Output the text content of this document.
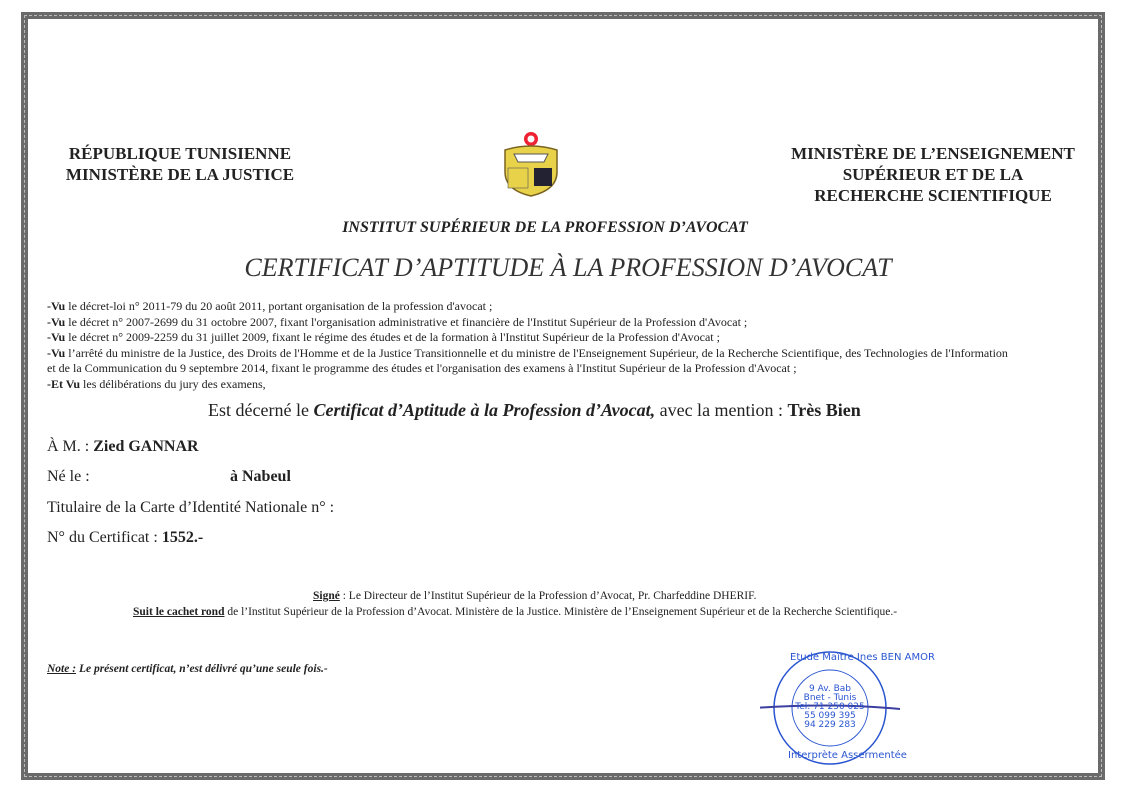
RÉPUBLIQUE TUNISIENNE
MINISTÈRE DE LA JUSTICE
MINISTÈRE DE L’ENSEIGNEMENT
SUPÉRIEUR ET DE LA
RECHERCHE SCIENTIFIQUE
INSTITUT SUPÉRIEUR DE LA PROFESSION D’AVOCAT
CERTIFICAT D’APTITUDE À LA PROFESSION D’AVOCAT
-Vu le décret-loi n° 2011-79 du 20 août 2011, portant organisation de la profession d'avocat ;
-Vu le décret n° 2007-2699 du 31 octobre 2007, fixant l'organisation administrative et financière de l'Institut Supérieur de la Profession d'Avocat ;
-Vu le décret n° 2009-2259 du 31 juillet 2009, fixant le régime des études et de la formation à l'Institut Supérieur de la Profession d'Avocat ;
-Vu l’arrêté du ministre de la Justice, des Droits de l'Homme et de la Justice Transitionnelle et du ministre de l'Enseignement Supérieur, de la Recherche Scientifique, des Technologies de l'Information
et de la Communication du 9 septembre 2014, fixant le programme des études et l'organisation des examens à l'Institut Supérieur de la Profession d'Avocat ;
-Et Vu les délibérations du jury des examens,
Est décerné le Certificat d’Aptitude à la Profession d’Avocat, avec la mention : Très Bien
À M. : Zied GANNAR
Né le :	à Nabeul
Titulaire de la Carte d’Identité Nationale n° :
N° du Certificat : 1552.-
Signé : Le Directeur de l’Institut Supérieur de la Profession d’Avocat, Pr. Charfeddine DHERIF.
Suit le cachet rond de l’Institut Supérieur de la Profession d’Avocat. Ministère de la Justice. Ministère de l’Enseignement Supérieur et de la Recherche Scientifique.-
Note : Le présent certificat, n’est délivré qu’une seule fois.-
Etude Maître Ines BEN AMOR
9 Av. Bab
Bnet - Tunis
Tel: 71 250 025
55 099 395
94 229 283
Interprète Assermentée
